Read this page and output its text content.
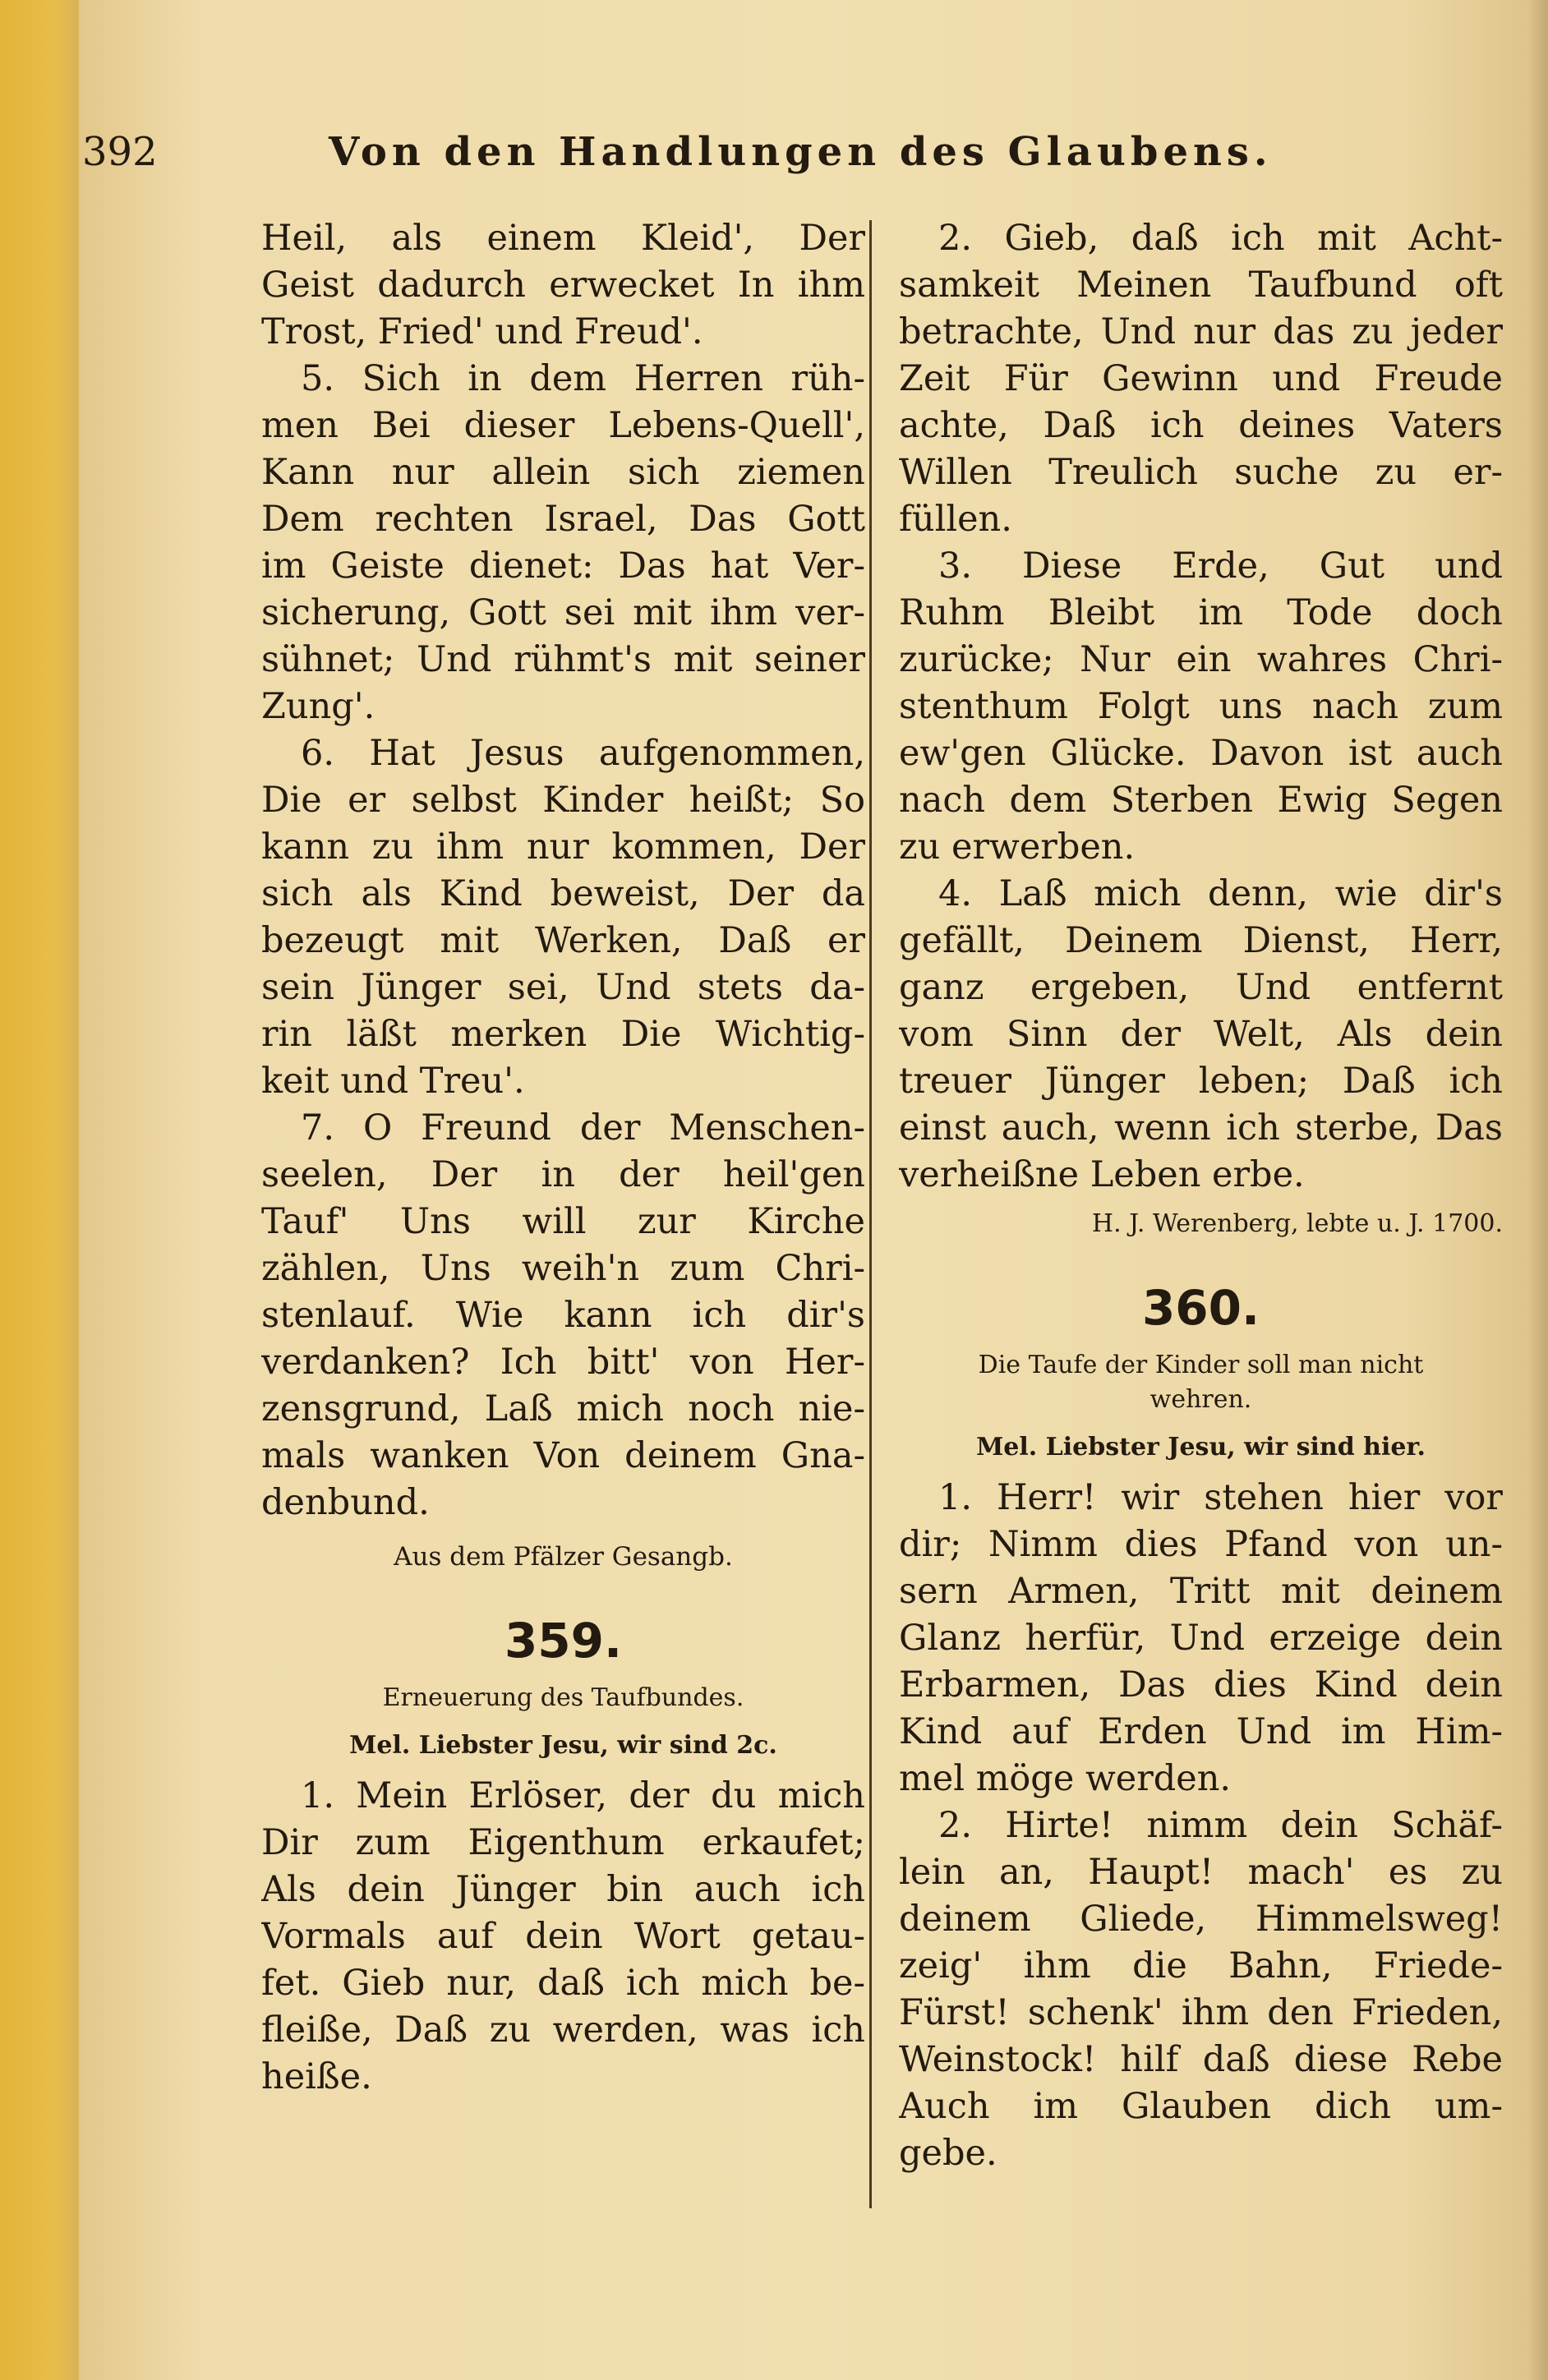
392	Von den Handlungen des Glaubens.
Heil, als einem Kleid', Der
Geist dadurch erwecket In ihm
Trost, Fried' und Freud'.
5. Sich in dem Herren rüh-
men Bei dieser Lebens-Quell',
Kann nur allein sich ziemen
Dem rechten Israel, Das Gott
im Geiste dienet: Das hat Ver-
sicherung, Gott sei mit ihm ver-
sühnet; Und rühmt's mit seiner
Zung'.
6. Hat Jesus aufgenommen,
Die er selbst Kinder heißt; So
kann zu ihm nur kommen, Der
sich als Kind beweist, Der da
bezeugt mit Werken, Daß er
sein Jünger sei, Und stets da-
rin läßt merken Die Wichtig-
keit und Treu'.
7. O Freund der Menschen-
seelen, Der in der heil'gen
Tauf' Uns will zur Kirche
zählen, Uns weih'n zum Chri-
stenlauf. Wie kann ich dir's
verdanken? Ich bitt' von Her-
zensgrund, Laß mich noch nie-
mals wanken Von deinem Gna-
denbund.
Aus dem Pfälzer Gesangb.
359.
Erneuerung des Taufbundes.
Mel. Liebster Jesu, wir sind 2c.
1. Mein Erlöser, der du mich
Dir zum Eigenthum erkaufet;
Als dein Jünger bin auch ich
Vormals auf dein Wort getau-
fet. Gieb nur, daß ich mich be-
fleiße, Daß zu werden, was ich
heiße.
2. Gieb, daß ich mit Acht-
samkeit Meinen Taufbund oft
betrachte, Und nur das zu jeder
Zeit Für Gewinn und Freude
achte, Daß ich deines Vaters
Willen Treulich suche zu er-
füllen.
3. Diese Erde, Gut und
Ruhm Bleibt im Tode doch
zurücke; Nur ein wahres Chri-
stenthum Folgt uns nach zum
ew'gen Glücke. Davon ist auch
nach dem Sterben Ewig Segen
zu erwerben.
4. Laß mich denn, wie dir's
gefällt, Deinem Dienst, Herr,
ganz ergeben, Und entfernt
vom Sinn der Welt, Als dein
treuer Jünger leben; Daß ich
einst auch, wenn ich sterbe, Das
verheißne Leben erbe.
H. J. Werenberg, lebte u. J. 1700.
360.
Die Taufe der Kinder soll man nicht
wehren.
Mel. Liebster Jesu, wir sind hier.
1. Herr! wir stehen hier vor
dir; Nimm dies Pfand von un-
sern Armen, Tritt mit deinem
Glanz herfür, Und erzeige dein
Erbarmen, Das dies Kind dein
Kind auf Erden Und im Him-
mel möge werden.
2. Hirte! nimm dein Schäf-
lein an, Haupt! mach' es zu
deinem Gliede, Himmelsweg!
zeig' ihm die Bahn, Friede-
Fürst! schenk' ihm den Frieden,
Weinstock! hilf daß diese Rebe
Auch im Glauben dich um-
gebe.
